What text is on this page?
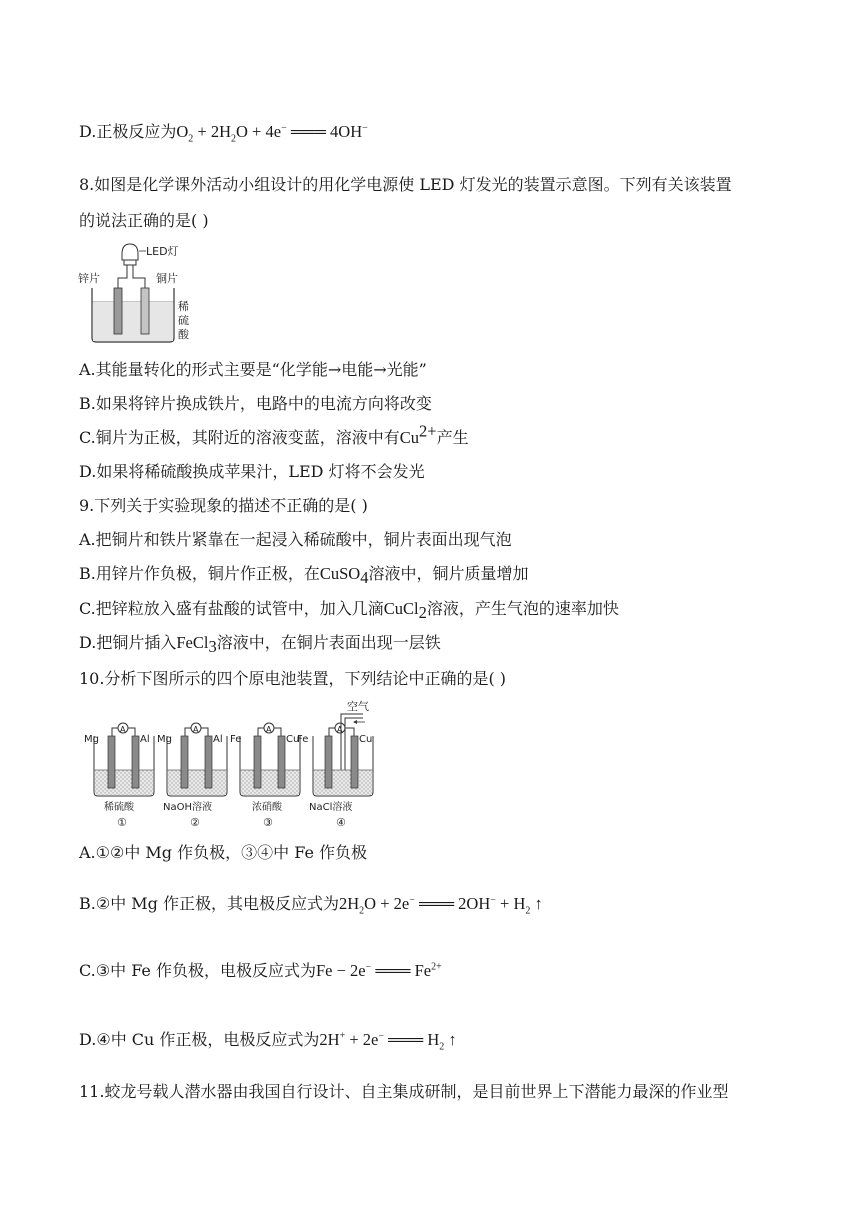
D.正极反应为$O_2 + 2H_2O + 4e^-$ ═══ 4OH−
8.如图是化学课外活动小组设计的用化学电源使 LED 灯发光的装置示意图。下列有关该装置
的说法正确的是( )
LED灯
锌片	铜片
稀
硫
酸
A.其能量转化的形式主要是“化学能→电能→光能”
B.如果将锌片换成铁片，电路中的电流方向将改变
C.铜片为正极，其附近的溶液变蓝，溶液中有$Cu^{2+}$产生
D.如果将稀硫酸换成苹果汁，LED 灯将不会发光
9.下列关于实验现象的描述不正确的是( )
A.把铜片和铁片紧靠在一起浸入稀硫酸中，铜片表面出现气泡
B.用锌片作负极，铜片作正极，在CuSO$_4$溶液中，铜片质量增加
C.把锌粒放入盛有盐酸的试管中，加入几滴CuCl$_2$溶液，产生气泡的速率加快
D.把铜片插入FeCl$_3$溶液中，在铜片表面出现一层铁
10.分析下图所示的四个原电池装置，下列结论中正确的是( )
A
Mg	Al
稀硫酸
①
A
Mg	Al
NaOH溶液
②
A
Fe	Cu
浓硝酸
③
A
空气
Fe	Cu
NaCl溶液
④
A.①②中 Mg 作负极，③④中 Fe 作负极
B.②中 Mg 作正极，其电极反应式为$2H_2O + 2e^-$ ═══ $2OH^- + H_2$ ↑
C.③中 Fe 作负极，电极反应式为Fe − 2e− ═══ $Fe^{2+}$
D.④中 Cu 作正极，电极反应式为2H+ + 2e− ═══ $H_2$ ↑
11.蛟龙号载人潜水器由我国自行设计、自主集成研制，是目前世界上下潜能力最深的作业型
